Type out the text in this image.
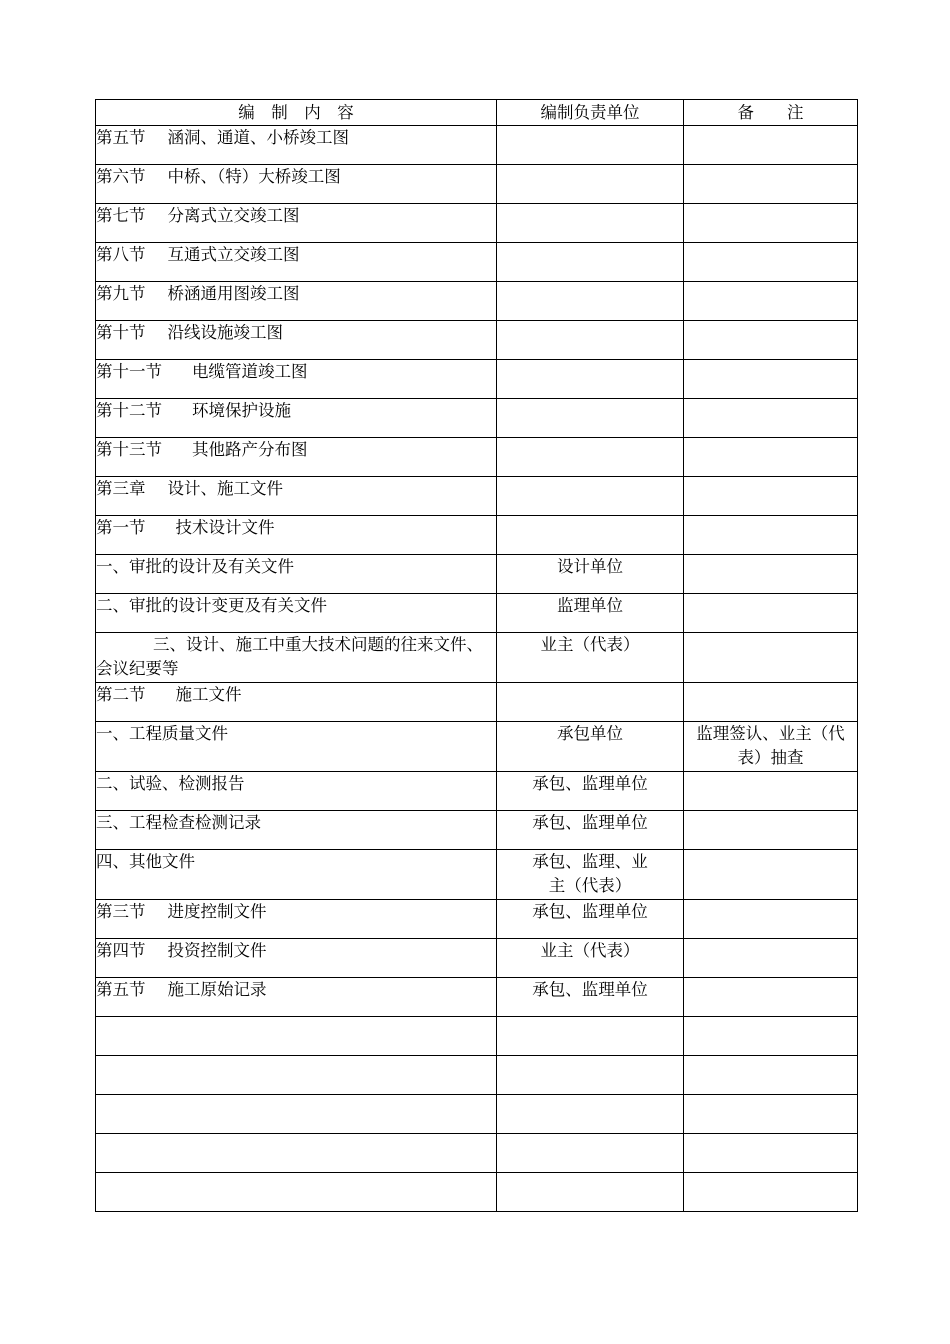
编　制　内　容	编制负责单位	备　　注
第五节 涵洞、通道、小桥竣工图		
第六节 中桥、（特）大桥竣工图		
第七节 分离式立交竣工图		
第八节 互通式立交竣工图		
第九节 桥涵通用图竣工图		
第十节 沿线设施竣工图		
第十一节 电缆管道竣工图		
第十二节 环境保护设施		
第十三节 其他路产分布图		
第三章 设计、施工文件		
第一节 技术设计文件		
一、审批的设计及有关文件	设计单位	
二、审批的设计变更及有关文件	监理单位	
三、设计、施工中重大技术问题的往来文件、会议纪要等	业主（代表）	
第二节 施工文件		
一、工程质量文件	承包单位	监理签认、业主（代表）抽查
二、试验、检测报告	承包、监理单位	
三、工程检查检测记录	承包、监理单位	
四、其他文件	承包、监理、业主（代表）	
第三节 进度控制文件	承包、监理单位	
第四节 投资控制文件	业主（代表）	
第五节 施工原始记录	承包、监理单位	
